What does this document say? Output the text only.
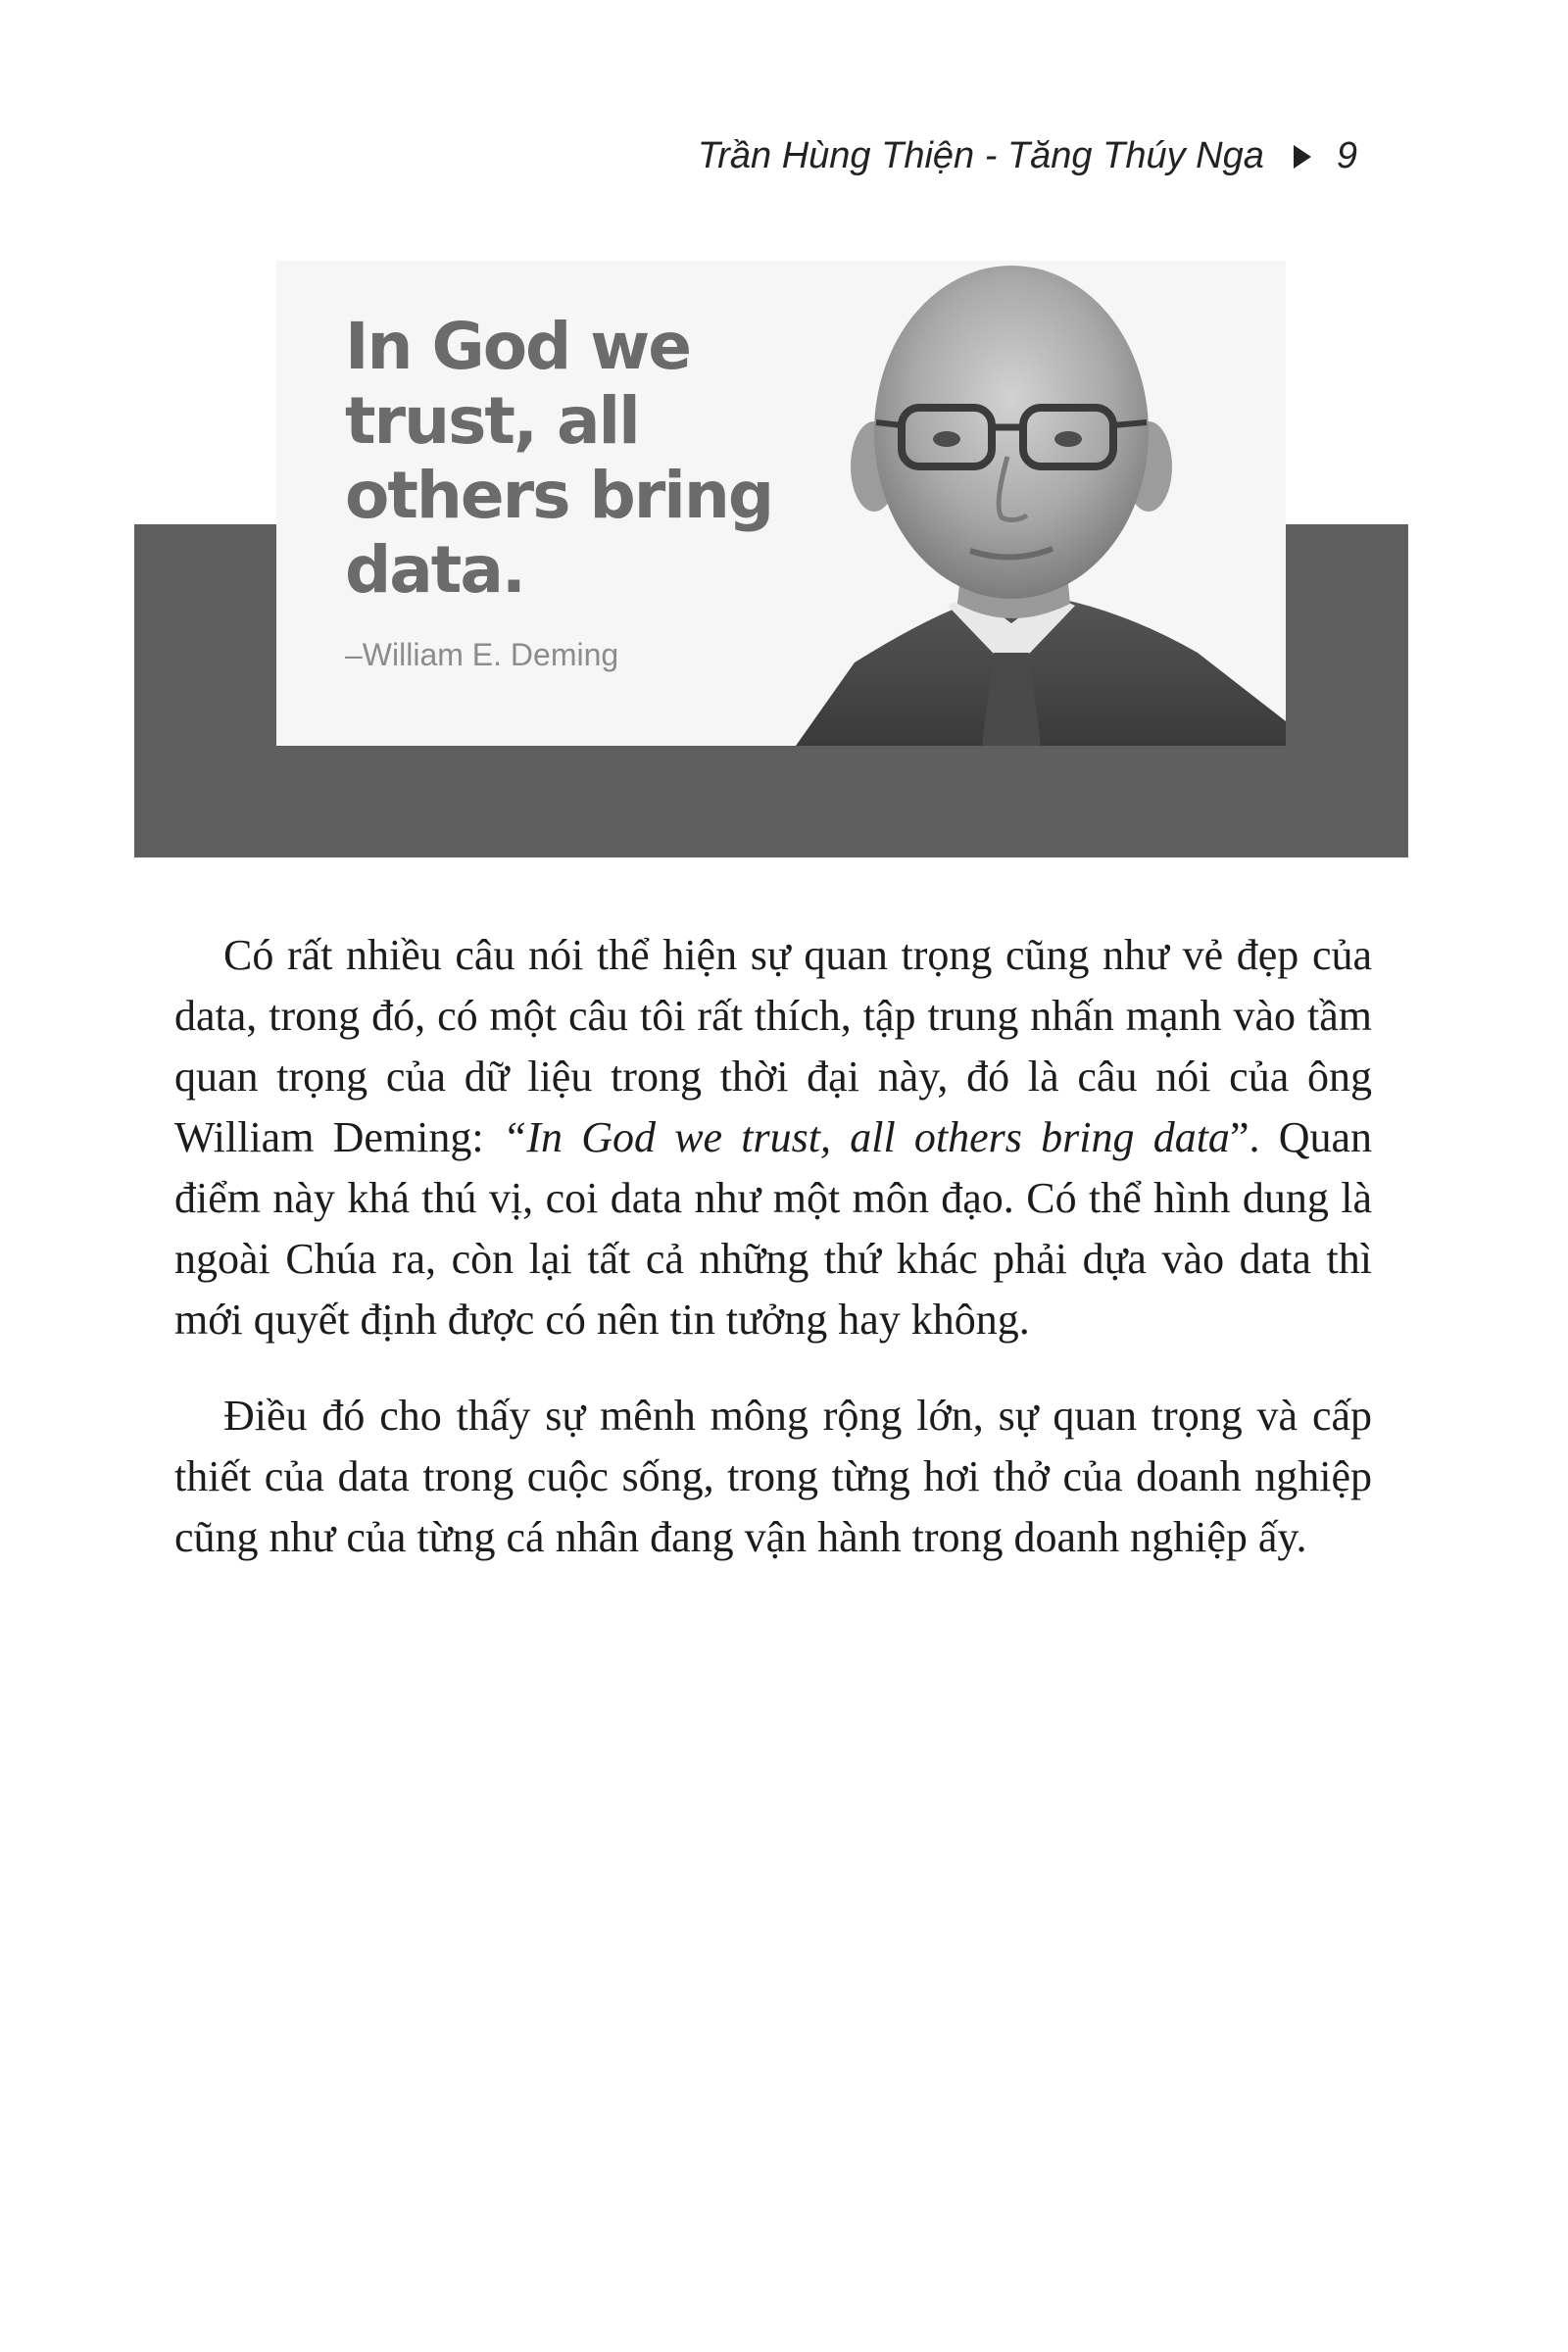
Trần Hùng Thiện - Tăng Thúy Nga 9
In God we
trust, all
others bring
data.
–William E. Deming

Có rất nhiều câu nói thể hiện sự quan trọng cũng như vẻ đẹp của data, trong đó, có một câu tôi rất thích, tập trung nhấn mạnh vào tầm quan trọng của dữ liệu trong thời đại này, đó là câu nói của ông William Deming: “In God we trust, all others bring data”. Quan điểm này khá thú vị, coi data như một môn đạo. Có thể hình dung là ngoài Chúa ra, còn lại tất cả những thứ khác phải dựa vào data thì mới quyết định được có nên tin tưởng hay không.

Điều đó cho thấy sự mênh mông rộng lớn, sự quan trọng và cấp thiết của data trong cuộc sống, trong từng hơi thở của doanh nghiệp cũng như của từng cá nhân đang vận hành trong doanh nghiệp ấy.
